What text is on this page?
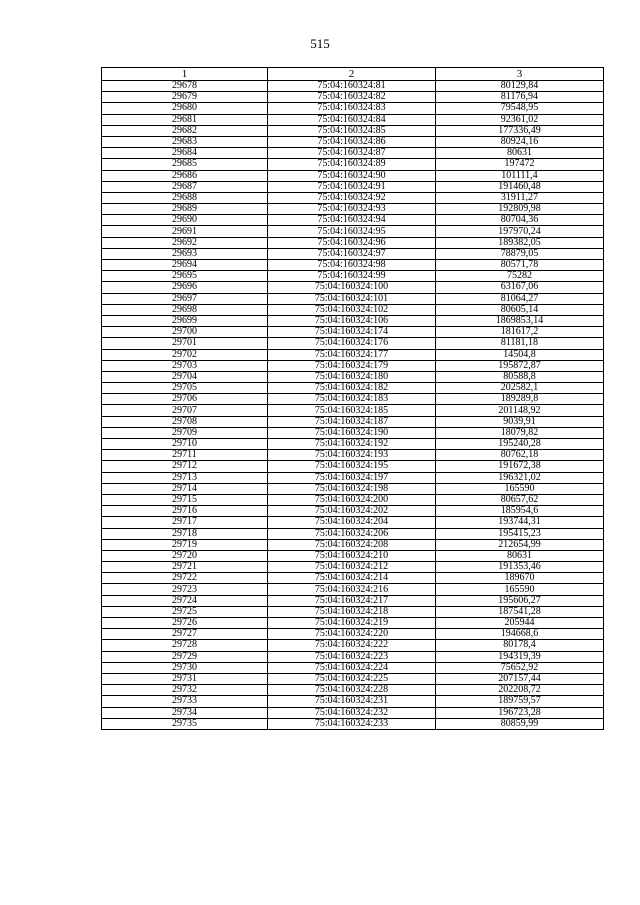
515
1	2	3
29678	75:04:160324:81	80129,84
29679	75:04:160324:82	81176,94
29680	75:04:160324:83	79548,95
29681	75:04:160324:84	92361,02
29682	75:04:160324:85	177336,49
29683	75:04:160324:86	80924,16
29684	75:04:160324:87	80631
29685	75:04:160324:89	197472
29686	75:04:160324:90	101111,4
29687	75:04:160324:91	191460,48
29688	75:04:160324:92	31911,27
29689	75:04:160324:93	192809,98
29690	75:04:160324:94	80704,36
29691	75:04:160324:95	197970,24
29692	75:04:160324:96	189382,05
29693	75:04:160324:97	78879,05
29694	75:04:160324:98	80571,78
29695	75:04:160324:99	75282
29696	75:04:160324:100	63167,06
29697	75:04:160324:101	81064,27
29698	75:04:160324:102	80605,14
29699	75:04:160324:106	1869853,14
29700	75:04:160324:174	181617,2
29701	75:04:160324:176	81181,18
29702	75:04:160324:177	14504,8
29703	75:04:160324:179	195872,87
29704	75:04:160324:180	80588,8
29705	75:04:160324:182	202582,1
29706	75:04:160324:183	189289,8
29707	75:04:160324:185	201148,92
29708	75:04:160324:187	9039,91
29709	75:04:160324:190	18079,82
29710	75:04:160324:192	195240,28
29711	75:04:160324:193	80762,18
29712	75:04:160324:195	191672,38
29713	75:04:160324:197	196321,02
29714	75:04:160324:198	165590
29715	75:04:160324:200	80657,62
29716	75:04:160324:202	185954,6
29717	75:04:160324:204	193744,31
29718	75:04:160324:206	195415,23
29719	75:04:160324:208	212654,99
29720	75:04:160324:210	80631
29721	75:04:160324:212	191353,46
29722	75:04:160324:214	189670
29723	75:04:160324:216	165590
29724	75:04:160324:217	195606,27
29725	75:04:160324:218	187541,28
29726	75:04:160324:219	205944
29727	75:04:160324:220	194668,6
29728	75:04:160324:222	80178,4
29729	75:04:160324:223	194319,39
29730	75:04:160324:224	75652,92
29731	75:04:160324:225	207157,44
29732	75:04:160324:228	202208,72
29733	75:04:160324:231	189759,57
29734	75:04:160324:232	196723,28
29735	75:04:160324:233	80859,99
